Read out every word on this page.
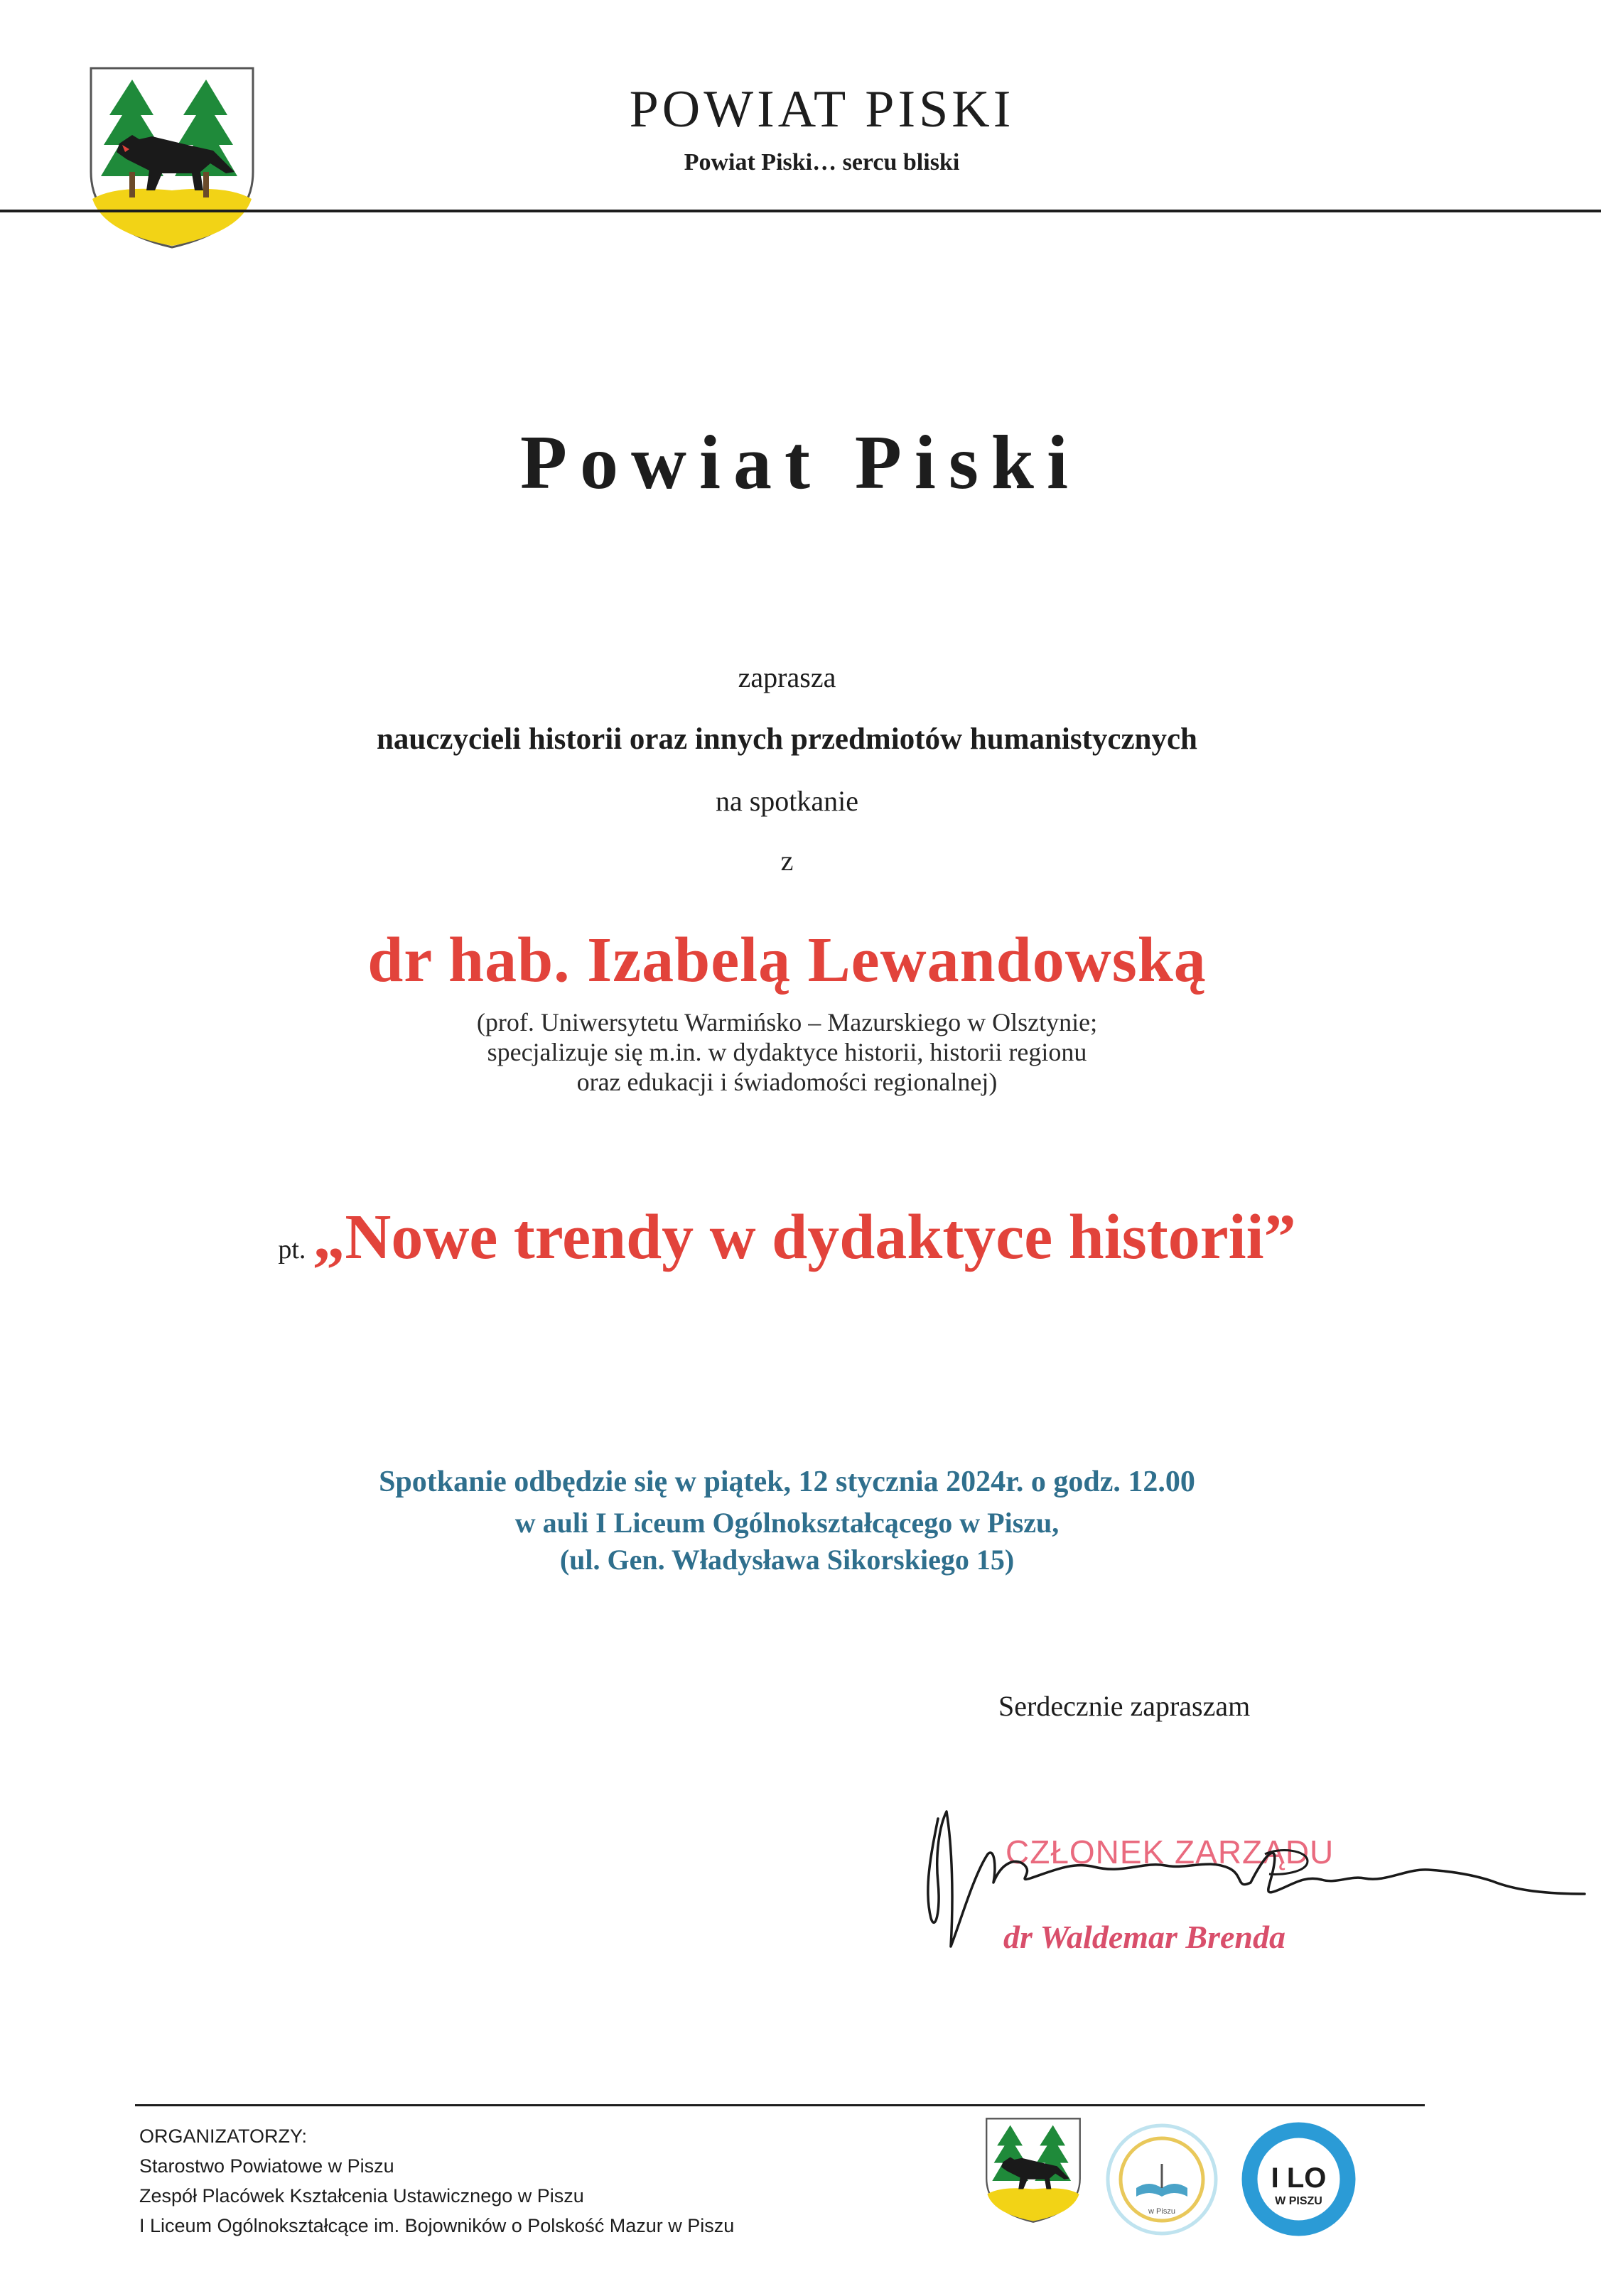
POWIAT PISKI
Powiat Piski… sercu bliski
Powiat Piski
zaprasza
nauczycieli historii oraz innych przedmiotów humanistycznych
na spotkanie
z
dr hab. Izabelą Lewandowską
(prof. Uniwersytetu Warmińsko – Mazurskiego w Olsztynie;
specjalizuje się m.in. w dydaktyce historii, historii regionu
oraz edukacji i świadomości regionalnej)
pt. „Nowe trendy w dydaktyce historii”
Spotkanie odbędzie się w piątek, 12 stycznia 2024r. o godz. 12.00
w auli I Liceum Ogólnokształcącego w Piszu,
(ul. Gen. Władysława Sikorskiego 15)
Serdecznie zapraszam
CZŁONEK ZARZĄDU
dr Waldemar Brenda
ORGANIZATORZY:
Starostwo Powiatowe w Piszu
Zespół Placówek Kształcenia Ustawicznego w Piszu
I Liceum Ogólnokształcące im. Bojowników o Polskość Mazur w Piszu
w Piszu
I LO
W PISZU
